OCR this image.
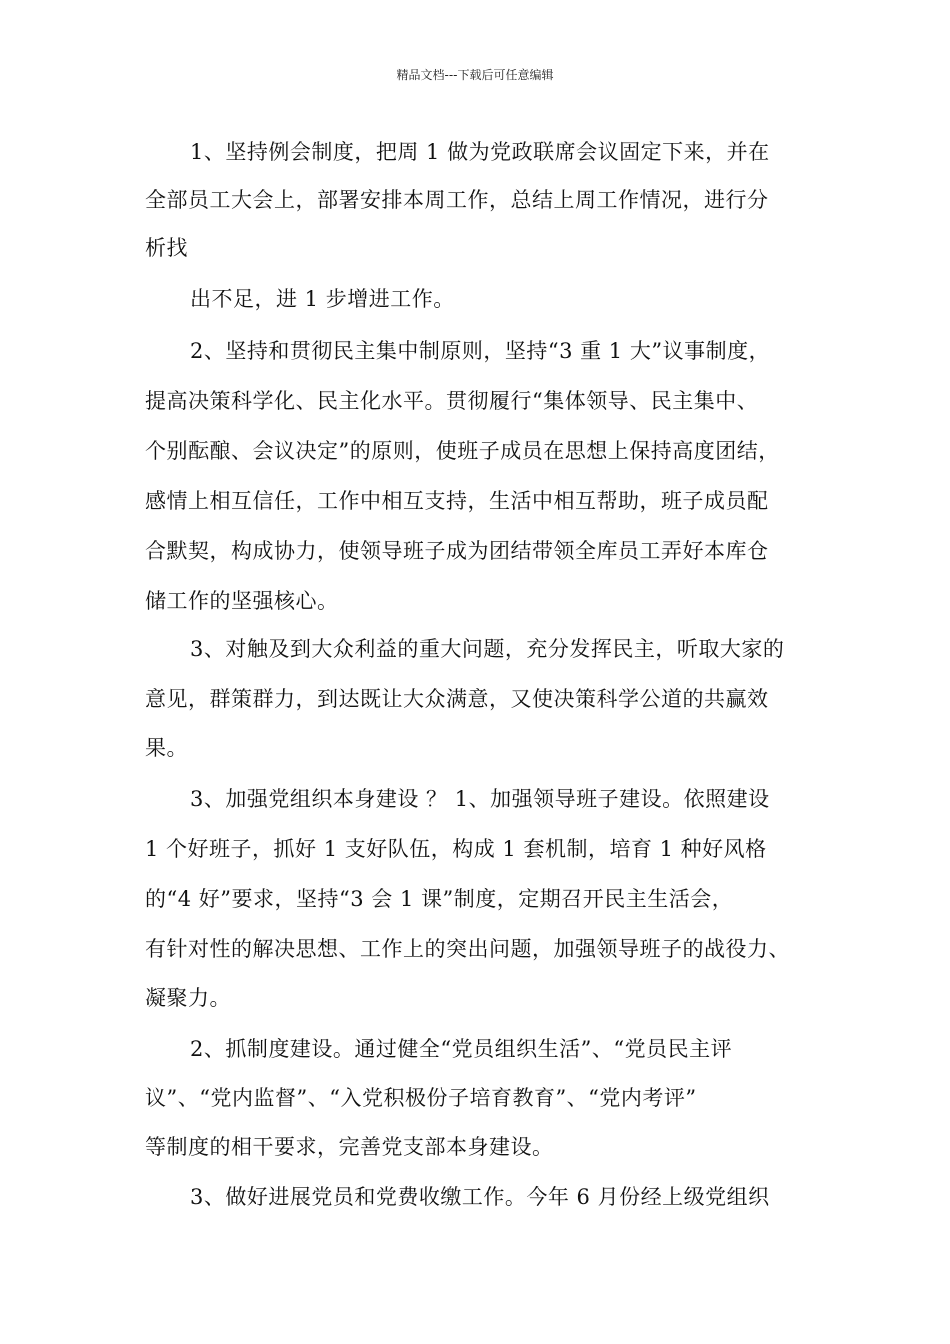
精品文档---下载后可任意编辑
1、坚持例会制度，把周 1 做为党政联席会议固定下来，并在
全部员工大会上，部署安排本周工作，总结上周工作情况，进行分
析找
出不足，进 1 步增进工作。
2、坚持和贯彻民主集中制原则，坚持“3 重 1 大”议事制度，
提高决策科学化、民主化水平。贯彻履行“集体领导、民主集中、
个别酝酿、会议决定”的原则，使班子成员在思想上保持高度团结，
感情上相互信任，工作中相互支持，生活中相互帮助，班子成员配
合默契，构成协力，使领导班子成为团结带领全库员工弄好本库仓
储工作的坚强核心。
3、对触及到大众利益的重大问题，充分发挥民主，听取大家的
意见，群策群力，到达既让大众满意，又使决策科学公道的共赢效
果。
3、加强党组织本身建设 ？ 1、加强领导班子建设。依照建设
1 个好班子，抓好 1 支好队伍，构成 1 套机制，培育 1 种好风格
的“4 好”要求，坚持“3 会 1 课”制度，定期召开民主生活会，
有针对性的解决思想、工作上的突出问题，加强领导班子的战役力、
凝聚力。
2、抓制度建设。通过健全“党员组织生活”、“党员民主评
议”、“党内监督”、“入党积极份子培育教育”、“党内考评”
等制度的相干要求，完善党支部本身建设。
3、做好进展党员和党费收缴工作。今年 6 月份经上级党组织
